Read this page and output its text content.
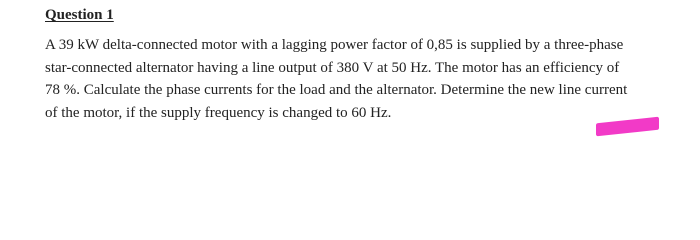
Question 1
A 39 kW delta-connected motor with a lagging power factor of 0,85 is supplied by a three-phase
star-connected alternator having a line output of 380 V at 50 Hz. The motor has an efficiency of
78 %. Calculate the phase currents for the load and the alternator. Determine the new line current
of the motor, if the supply frequency is changed to 60 Hz.
